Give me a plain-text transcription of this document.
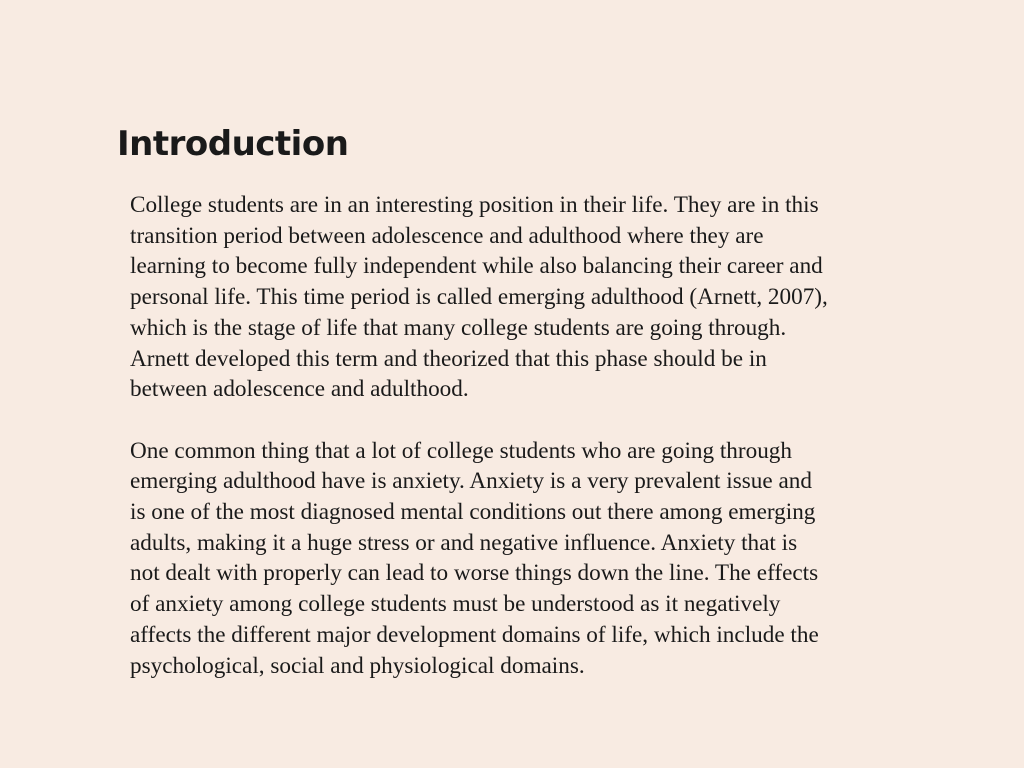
Introduction
College students are in an interesting position in their life. They are in this
transition period between adolescence and adulthood where they are
learning to become fully independent while also balancing their career and
personal life. This time period is called emerging adulthood (Arnett, 2007),
which is the stage of life that many college students are going through.
Arnett developed this term and theorized that this phase should be in
between adolescence and adulthood.
One common thing that a lot of college students who are going through
emerging adulthood have is anxiety. Anxiety is a very prevalent issue and
is one of the most diagnosed mental conditions out there among emerging
adults, making it a huge stress or and negative influence. Anxiety that is
not dealt with properly can lead to worse things down the line. The effects
of anxiety among college students must be understood as it negatively
affects the different major development domains of life, which include the
psychological, social and physiological domains.
